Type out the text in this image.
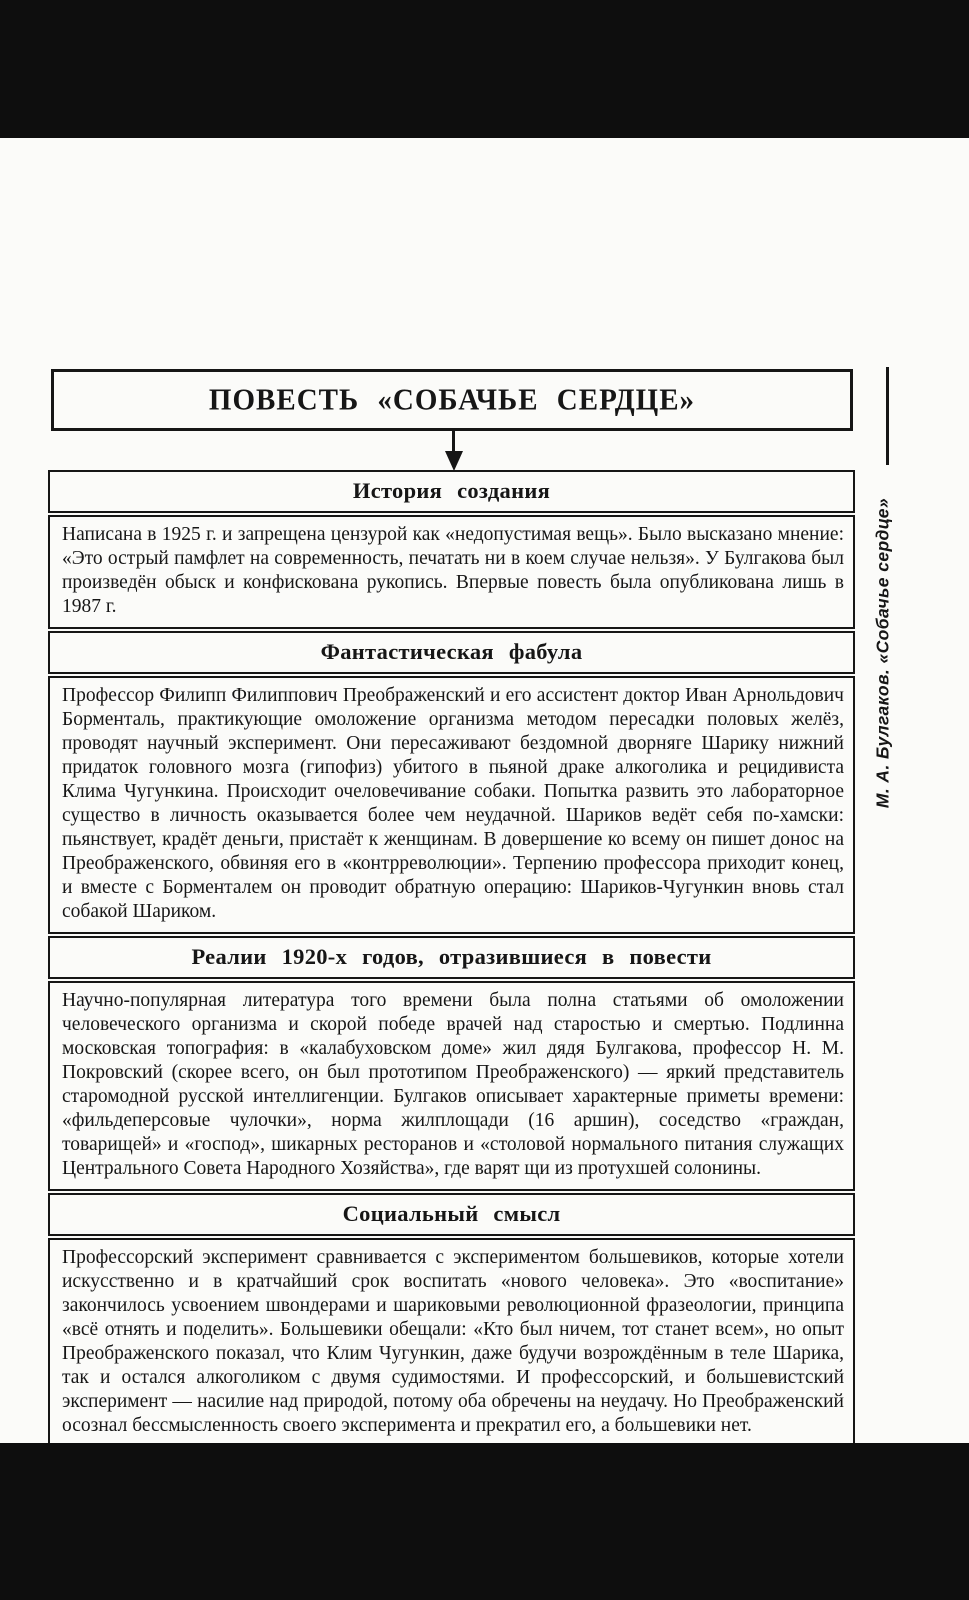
ПОВЕСТЬ «СОБАЧЬЕ СЕРДЦЕ»
История создания
Написана в 1925 г. и запрещена цензурой как «недопустимая вещь». Было высказано мнение: «Это острый памфлет на современность, печатать ни в коем случае нельзя». У Булгакова был произведён обыск и конфискована рукопись. Впервые повесть была опубликована лишь в 1987 г.
Фантастическая фабула
Профессор Филипп Филиппович Преображенский и его ассистент доктор Иван Арнольдович Борменталь, практикующие омоложение организма методом пересадки половых желёз, проводят научный эксперимент. Они пересаживают бездомной дворняге Шарику нижний придаток головного мозга (гипофиз) убитого в пьяной драке алкоголика и рецидивиста Клима Чугункина. Происходит очеловечивание собаки. Попытка развить это лабораторное существо в личность оказывается более чем неудачной. Шариков ведёт себя по-хамски: пьянствует, крадёт деньги, пристаёт к женщинам. В довершение ко всему он пишет донос на Преображенского, обвиняя его в «контрреволюции». Терпению профессора приходит конец, и вместе с Борменталем он проводит обратную операцию: Шариков-Чугункин вновь стал собакой Шариком.
Реалии 1920-х годов, отразившиеся в повести
Научно-популярная литература того времени была полна статьями об омоложении человеческого организма и скорой победе врачей над старостью и смертью. Подлинна московская топография: в «калабуховском доме» жил дядя Булгакова, профессор Н. М. Покровский (скорее всего, он был прототипом Преображенского) — яркий представитель старомодной русской интеллигенции. Булгаков описывает характерные приметы времени: «фильдеперсовые чулочки», норма жилплощади (16 аршин), соседство «граждан, товарищей» и «господ», шикарных ресторанов и «столовой нормального питания служащих Центрального Совета Народного Хозяйства», где варят щи из протухшей солонины.
Социальный смысл
Профессорский эксперимент сравнивается с экспериментом большевиков, которые хотели искусственно и в кратчайший срок воспитать «нового человека». Это «воспитание» закончилось усвоением швондерами и шариковыми революционной фразеологии, принципа «всё отнять и поделить». Большевики обещали: «Кто был ничем, тот станет всем», но опыт Преображенского показал, что Клим Чугункин, даже будучи возрождённым в теле Шарика, так и остался алкоголиком с двумя судимостями. И профессорский, и большевистский эксперимент — насилие над природой, потому оба обречены на неудачу. Но Преображенский осознал бессмысленность своего эксперимента и прекратил его, а большевики нет.
М. А. Булгаков. «Собачье сердце»
